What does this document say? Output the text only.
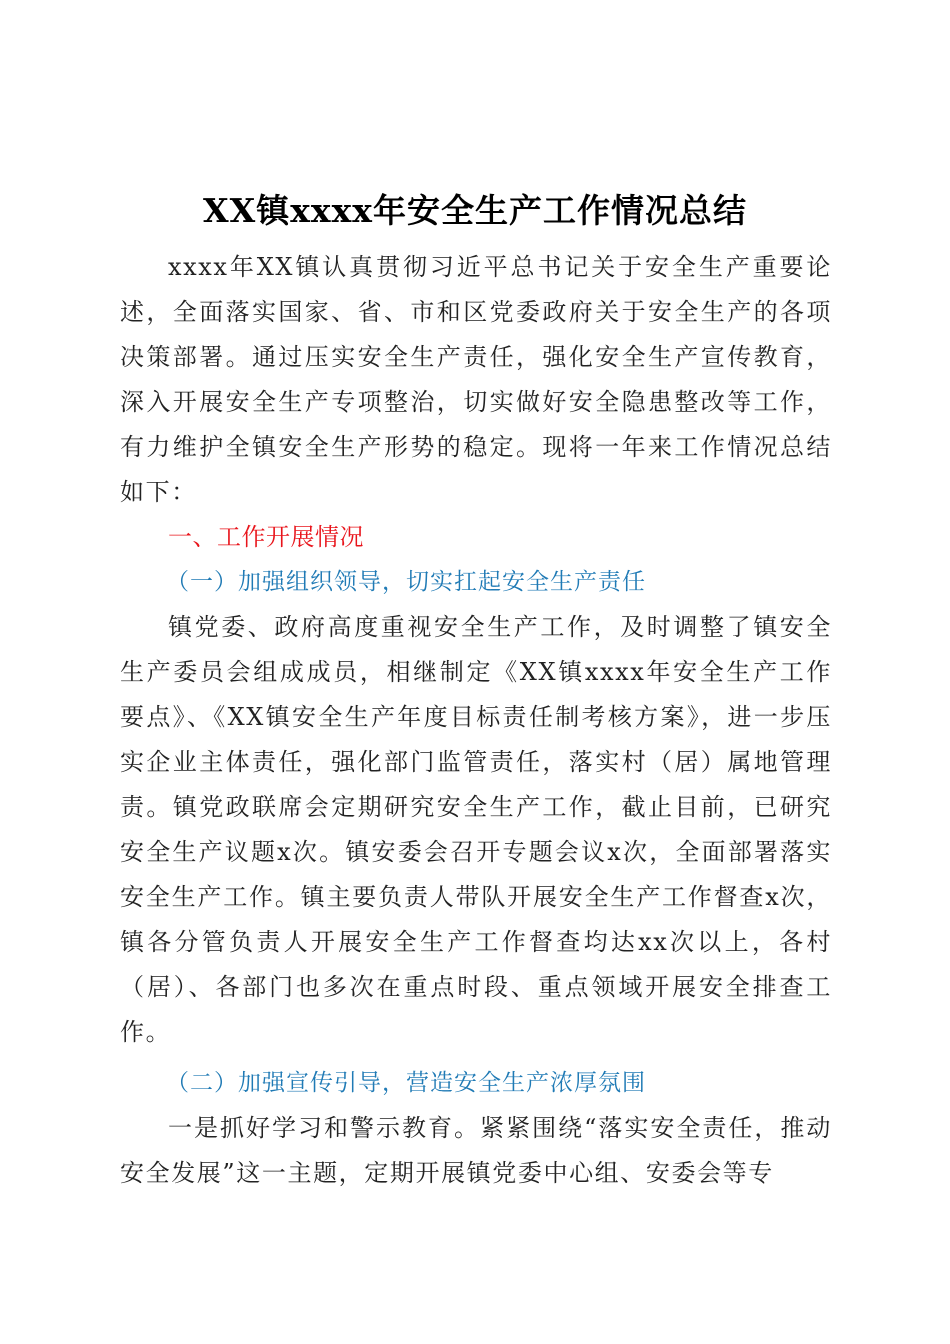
XX镇xxxx年安全生产工作情况总结

xxxx年XX镇认真贯彻习近平总书记关于安全生产重要论述，全面落实国家、省、市和区党委政府关于安全生产的各项决策部署。通过压实安全生产责任，强化安全生产宣传教育，深入开展安全生产专项整治，切实做好安全隐患整改等工作，有力维护全镇安全生产形势的稳定。现将一年来工作情况总结如下：

一、工作开展情况

（一）加强组织领导，切实扛起安全生产责任

镇党委、政府高度重视安全生产工作，及时调整了镇安全生产委员会组成成员，相继制定《XX镇xxxx年安全生产工作要点》、《XX镇安全生产年度目标责任制考核方案》，进一步压实企业主体责任，强化部门监管责任，落实村（居）属地管理责。镇党政联席会定期研究安全生产工作，截止目前，已研究安全生产议题x次。镇安委会召开专题会议x次，全面部署落实安全生产工作。镇主要负责人带队开展安全生产工作督查x次，镇各分管负责人开展安全生产工作督查均达xx次以上，各村（居）、各部门也多次在重点时段、重点领域开展安全排查工作。

（二）加强宣传引导，营造安全生产浓厚氛围

一是抓好学习和警示教育。紧紧围绕“落实安全责任，推动安全发展”这一主题，定期开展镇党委中心组、安委会等专
